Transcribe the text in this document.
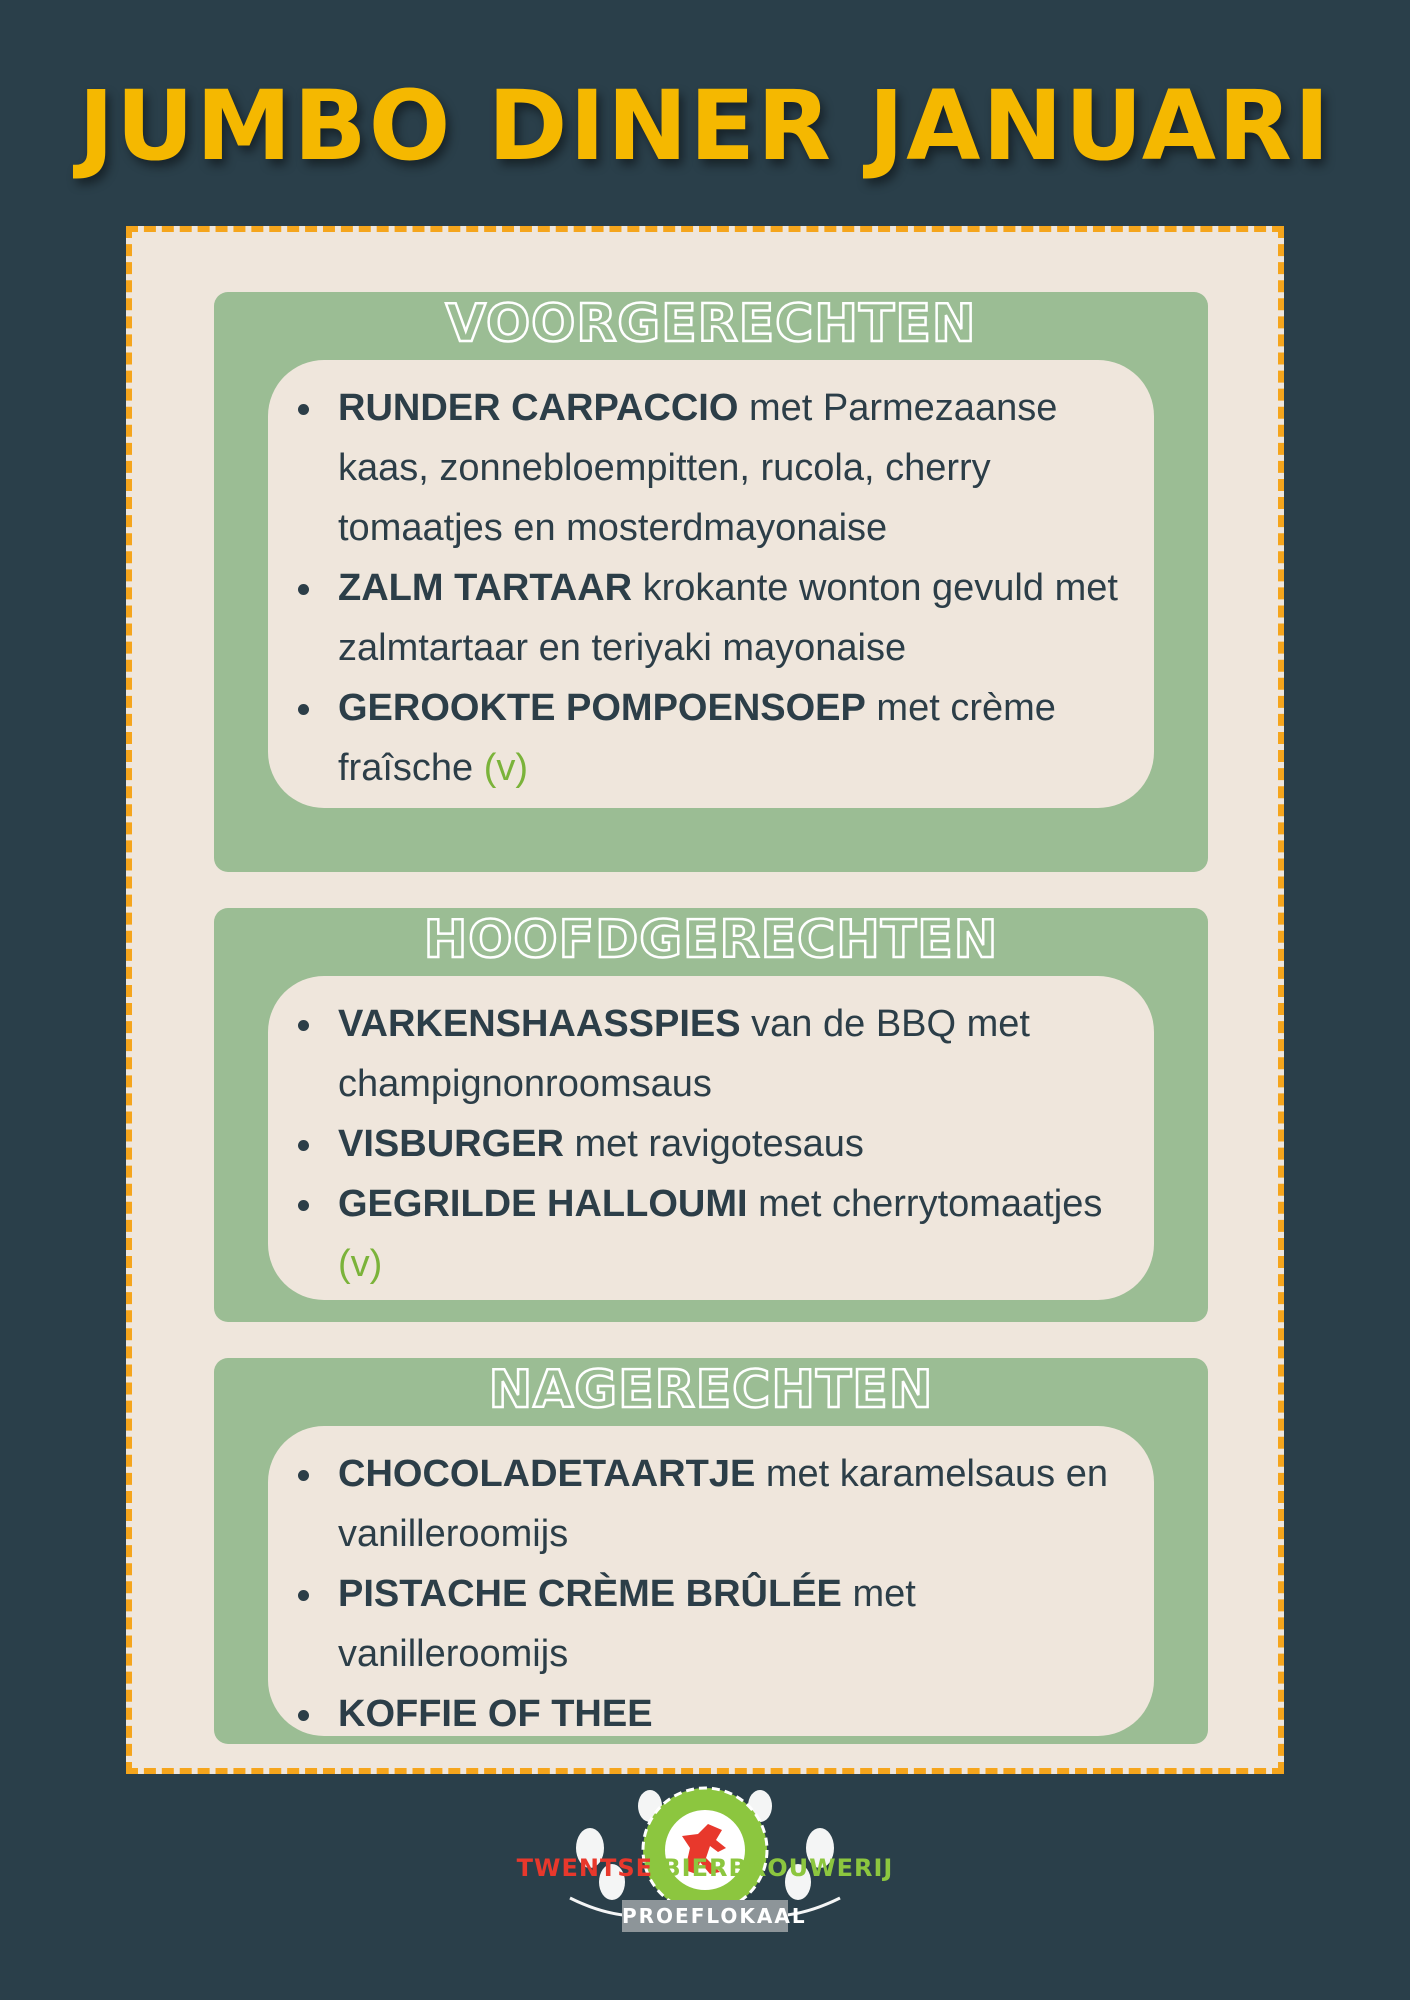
JUMBO DINER JANUARI
VOORGERECHTEN
RUNDER CARPACCIO met Parmezaanse kaas, zonnebloempitten, rucola, cherry tomaatjes en mosterdmayonaise
ZALM TARTAAR krokante wonton gevuld met zalmtartaar en teriyaki mayonaise
GEROOKTE POMPOENSOEP met crème fraîsche (v)
HOOFDGERECHTEN
VARKENSHAASSPIES van de BBQ met champignonroomsaus
VISBURGER met ravigotesaus
GEGRILDE HALLOUMI met cherrytomaatjes (v)
NAGERECHTEN
CHOCOLADETAARTJE met karamelsaus en vanilleroomijs
PISTACHE CRÈME BRÛLÉE met vanilleroomijs
KOFFIE OF THEE
TWENTSE BIERBROUWERIJ
PROEFLOKAAL
